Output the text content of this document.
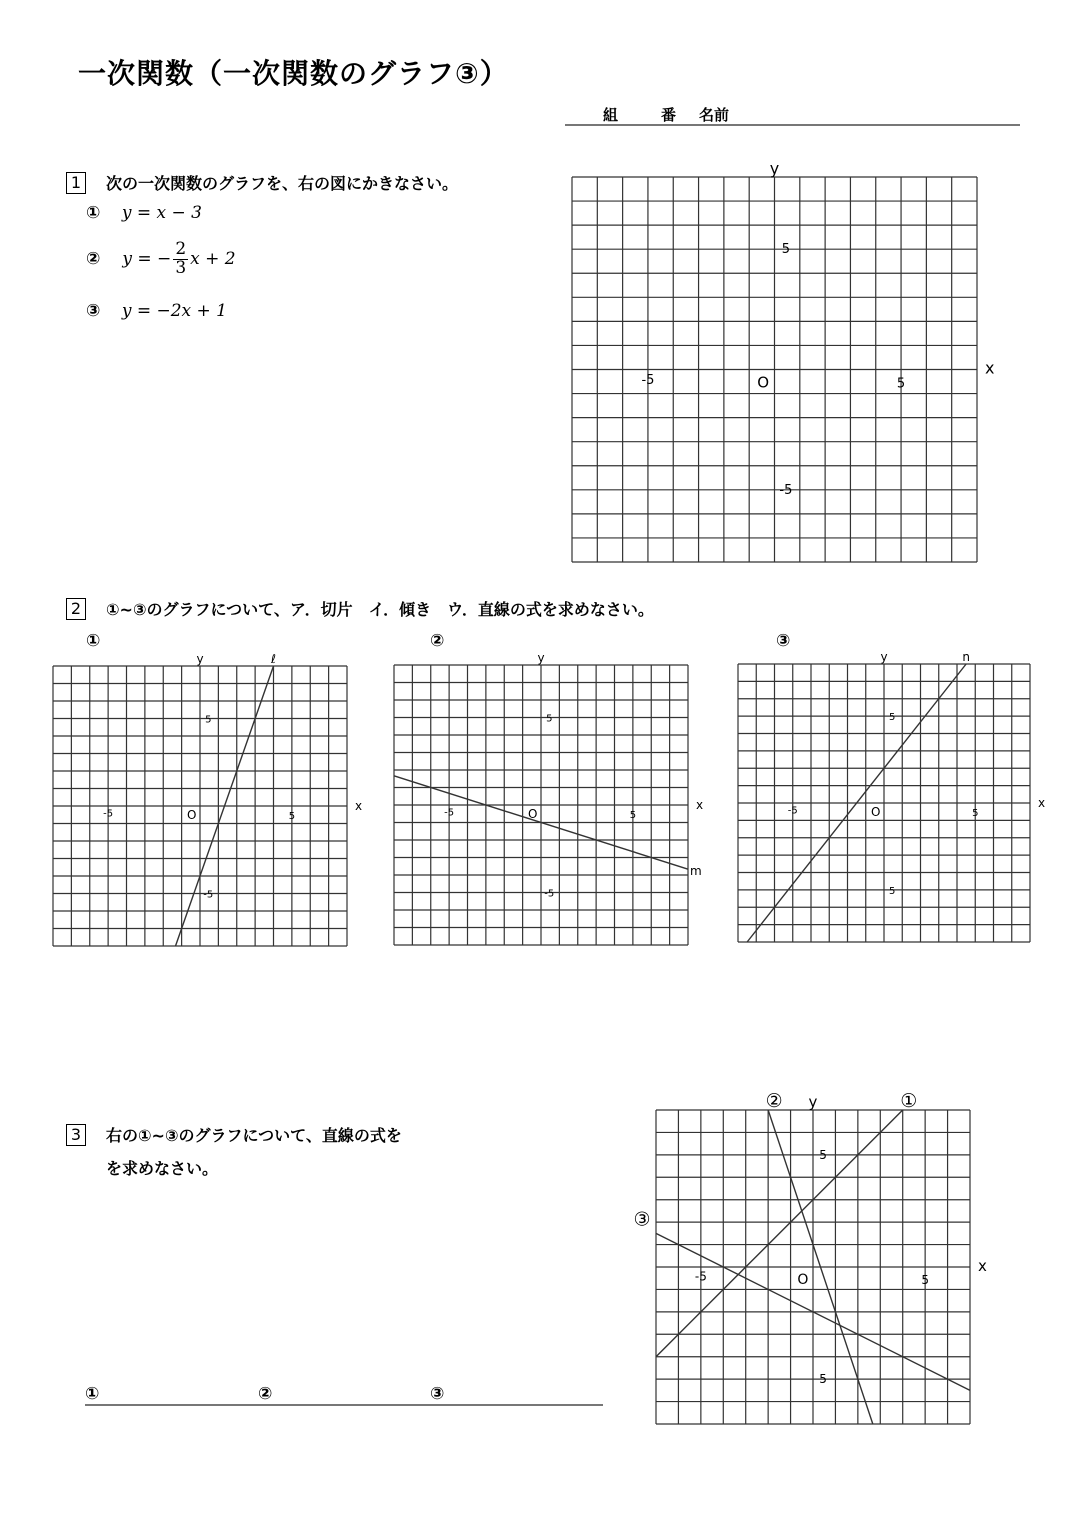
一次関数（一次関数のグラフ③）
組	番 名前
1	次の一次関数のグラフを、右の図にかきなさい。
① y = x − 3
② y = − $\frac{2}{3}$ x + 2
③ y = −2x + 1
2	①~③のグラフについて、ア．切片　イ．傾き　ウ．直線の式を求めなさい。
①	②	③
3	右の①~③のグラフについて、直線の式を
を求めなさい。
①	②	③
y
x
O
-5	5
5
-5
y
x
O
-5	5
5
-5
ℓ	y
x
O
-5	5
5
-5
m
y
x
O
-5	5
5
5
n
y
x
O
-5	5
5
5
①
②
③
